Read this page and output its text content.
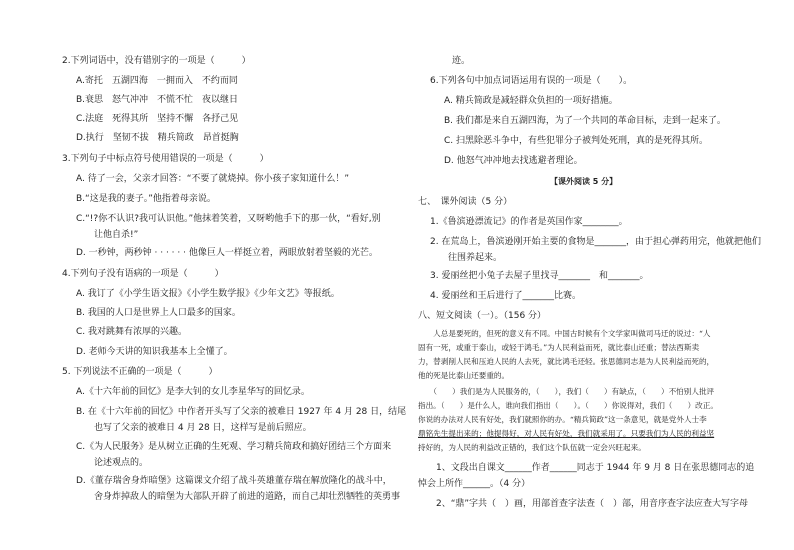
2.下列词语中，没有错别字的一项是（　　　）
A.寄托　五湖四海　一拥而入　不约而同
B.衰思　怒气冲冲　不慌不忙　夜以继日
C.法庭　死得其所　坚持不懈　各抒己见
D.执行　坚韧不拔　精兵简政　昂首挺胸
3.下列句子中标点符号使用错误的一项是（　　　）
A. 待了一会，父亲才回答：“不要了就烧掉。你小孩子家知道什么！”
B.“这是我的妻子。”他指着母亲说。
C.“!?你不认识?我可认识他。”他抹着笑着，又呀哟他手下的那一伙，“看好,别
　　让他自杀!”
D. 一秒钟，两秒钟 · · · · · · 他像巨人一样挺立着，两眼放射着坚毅的光芒。
4.下列句子没有语病的一项是（　　　）
A. 我订了《小学生语文报》《小学生数学报》《少年文艺》等报纸。
B. 我国的人口是世界上人口最多的国家。
C. 我对跳舞有浓厚的兴趣。
D. 老师今天讲的知识我基本上全懂了。
5. 下列说法不正确的一项是（　　　）
A.《十六年前的回忆》是李大钊的女儿李星华写的回忆录。
B. 在《十六年前的回忆》中作者开头写了父亲的被难日 1927 年 4 月 28 日，结尾
　　也写了父亲的被难日 4 月 28 日，这样写是前后照应。
C.《为人民服务》是从树立正确的生死观、学习精兵简政和搞好团结三个方面来
　　论述观点的。
D.《董存瑞舍身炸暗堡》这篇课文介绍了战斗英雄董存瑞在解放隆化的战斗中，
　　舍身炸掉敌人的暗堡为大部队开辟了前进的道路，而自己却壮烈牺牲的英勇事
迹。
6.下列各句中加点词语运用有误的一项是（　　）。
A. 精兵简政是减轻群众负担的一项好措施。
B. 我们都是来自五湖四海，为了一个共同的革命目标，走到一起来了。
C. 扫黑除恶斗争中，有些犯罪分子被判处死刑，真的是死得其所。
D. 他怒气冲冲地去找逃避者理论。
【课外阅读 5 分】
七、　课外阅读（5 分）
1.《鲁滨逊漂流记》的作者是英国作家________。
2. 在荒岛上，鲁滨逊刚开始主要的食物是_______，由于担心弹药用完，他就把他们
　　往围养起来。
3. 爱丽丝把小兔子去屋子里找寻_______　和_______。
4. 爱丽丝和王后进行了_______比赛。
八、短文阅读（一）。（156 分）
　　人总是要死的，但死的意义有不同。中国古时候有个文学家叫做司马迁的说过：“人
固有一死，或重于泰山，或轻于鸿毛。”为人民利益而死，就比泰山还重；替法西斯卖
力，替剥削人民和压迫人民的人去死，就比鸿毛还轻。张思德同志是为人民利益而死的，
他的死是比泰山还要重的。
　　（　　）我们是为人民服务的，（　　），我们（　　）有缺点，（　　）不怕别人批评
指出。（　　）是什么人，谁向我们指出（　　）。（　　）你说得对，我们（　　）改正。
你说的办法对人民有好处，我们就照你的办。“精兵简政”这一条意见，就是党外人士李
鼎铭先生提出来的；他提得好，对人民有好处，我们就采用了。只要我们为人民的利益坚
持好的，为人民的利益改正错的，我们这个队伍就一定会兴旺起来。
　　1、文段出自课文______作者______同志于 1944 年 9 月 8 日在张思德同志的追
悼会上所作______。（4 分）
　　2、“鼎”字共（　）画，用部首查字法查（　）部，用音序查字法应查大写字母
